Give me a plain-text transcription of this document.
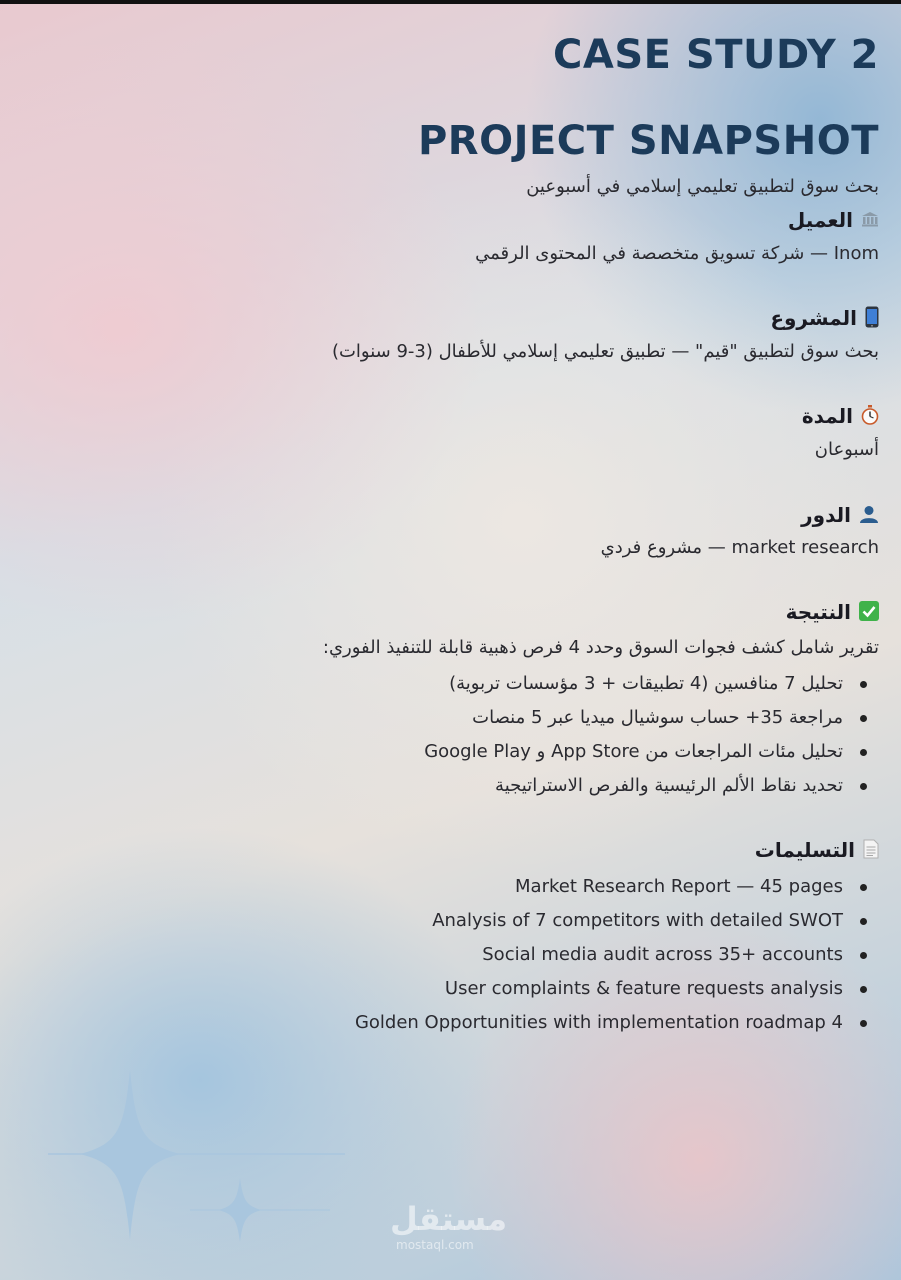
CASE STUDY 2
PROJECT SNAPSHOT

بحث سوق لتطبيق تعليمي إسلامي في أسبوعين

العميل

Inom — شركة تسويق متخصصة في المحتوى الرقمي

المشروع

بحث سوق لتطبيق "قيم" — تطبيق تعليمي إسلامي للأطفال (3-9 سنوات)

المدة

أسبوعان

الدور

market research — مشروع فردي

النتيجة

تقرير شامل كشف فجوات السوق وحدد 4 فرص ذهبية قابلة للتنفيذ الفوري:

تحليل 7 منافسين (4 تطبيقات + 3 مؤسسات تربوية)
مراجعة 35+ حساب سوشيال ميديا عبر 5 منصات
تحليل مئات المراجعات من App Store و Google Play
تحديد نقاط الألم الرئيسية والفرص الاستراتيجية

التسليمات

Market Research Report — 45 pages
Analysis of 7 competitors with detailed SWOT
Social media audit across 35+ accounts
User complaints & feature requests analysis
4 Golden Opportunities with implementation roadmap
مستقل
mostaql.com
